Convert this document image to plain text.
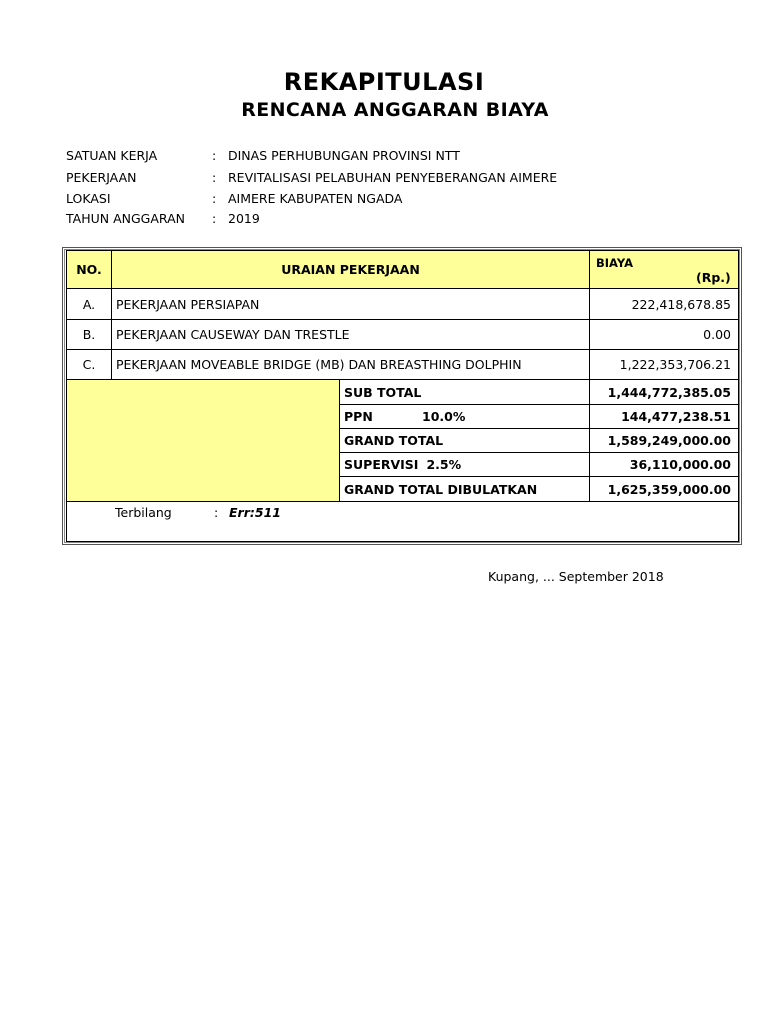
REKAPITULASI
RENCANA ANGGARAN BIAYA
SATUAN KERJA	: DINAS PERHUBUNGAN PROVINSI NTT
PEKERJAAN	: REVITALISASI PELABUHAN PENYEBERANGAN AIMERE
LOKASI	: AIMERE KABUPATEN NGADA
TAHUN ANGGARAN	: 2019
NO.	URAIAN PEKERJAAN	BIAYA
(Rp.)
A.	PEKERJAAN PERSIAPAN	222,418,678.85
B.	PEKERJAAN CAUSEWAY DAN TRESTLE	0.00
C.	PEKERJAAN MOVEABLE BRIDGE (MB) DAN BREASTHING DOLPHIN	1,222,353,706.21
SUB TOTAL	1,444,772,385.05
PPN	10.0%	144,477,238.51
GRAND TOTAL	1,589,249,000.00
SUPERVISI 2.5%	36,110,000.00
GRAND TOTAL DIBULATKAN	1,625,359,000.00
Terbilang	: Err:511
Kupang, ... September 2018
